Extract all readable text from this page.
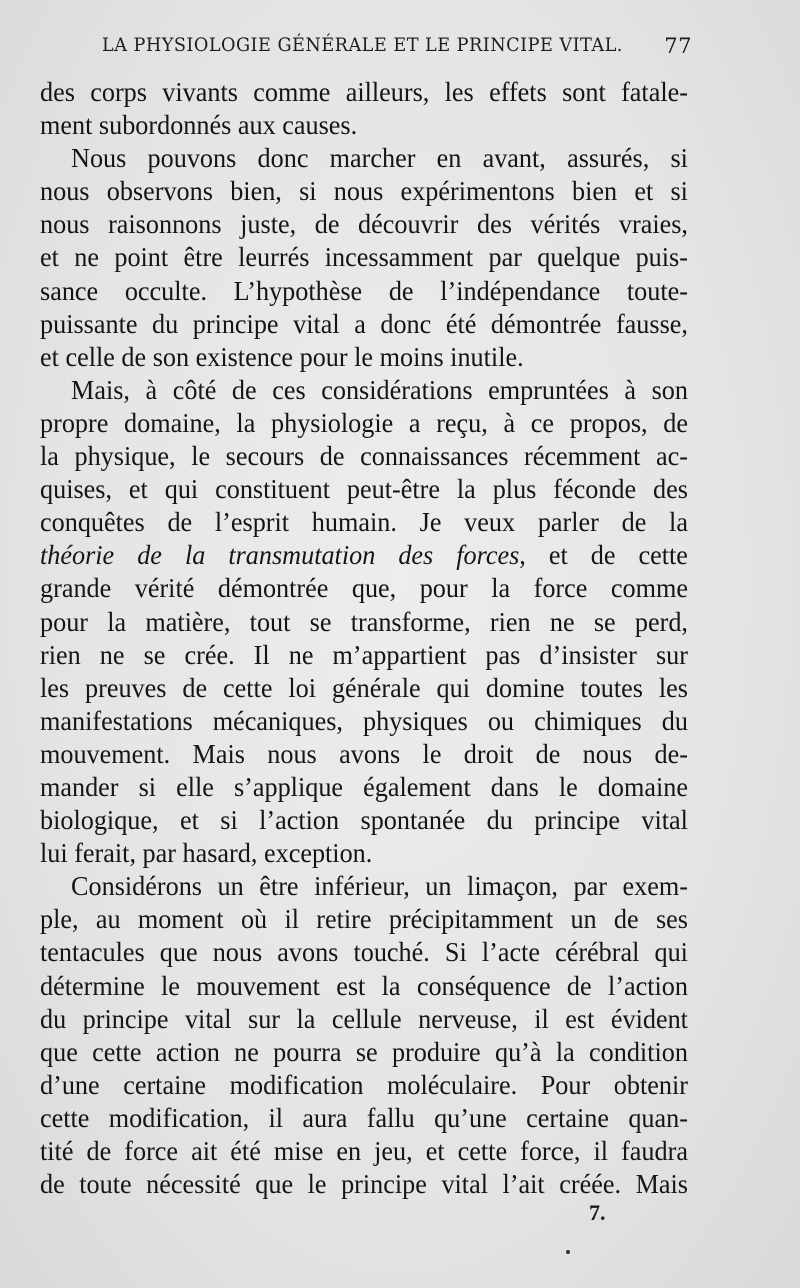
LA PHYSIOLOGIE GÉNÉRALE ET LE PRINCIPE VITAL. 77
des corps vivants comme ailleurs, les effets sont fatale-
ment subordonnés aux causes.
Nous pouvons donc marcher en avant, assurés, si
nous observons bien, si nous expérimentons bien et si
nous raisonnons juste, de découvrir des vérités vraies,
et ne point être leurrés incessamment par quelque puis-
sance occulte. L’hypothèse de l’indépendance toute-
puissante du principe vital a donc été démontrée fausse,
et celle de son existence pour le moins inutile.
Mais, à côté de ces considérations empruntées à son
propre domaine, la physiologie a reçu, à ce propos, de
la physique, le secours de connaissances récemment ac-
quises, et qui constituent peut-être la plus féconde des
conquêtes de l’esprit humain. Je veux parler de la
théorie de la transmutation des forces, et de cette
grande vérité démontrée que, pour la force comme
pour la matière, tout se transforme, rien ne se perd,
rien ne se crée. Il ne m’appartient pas d’insister sur
les preuves de cette loi générale qui domine toutes les
manifestations mécaniques, physiques ou chimiques du
mouvement. Mais nous avons le droit de nous de-
mander si elle s’applique également dans le domaine
biologique, et si l’action spontanée du principe vital
lui ferait, par hasard, exception.
Considérons un être inférieur, un limaçon, par exem-
ple, au moment où il retire précipitamment un de ses
tentacules que nous avons touché. Si l’acte cérébral qui
détermine le mouvement est la conséquence de l’action
du principe vital sur la cellule nerveuse, il est évident
que cette action ne pourra se produire qu’à la condition
d’une certaine modification moléculaire. Pour obtenir
cette modification, il aura fallu qu’une certaine quan-
tité de force ait été mise en jeu, et cette force, il faudra
de toute nécessité que le principe vital l’ait créée. Mais
7.
